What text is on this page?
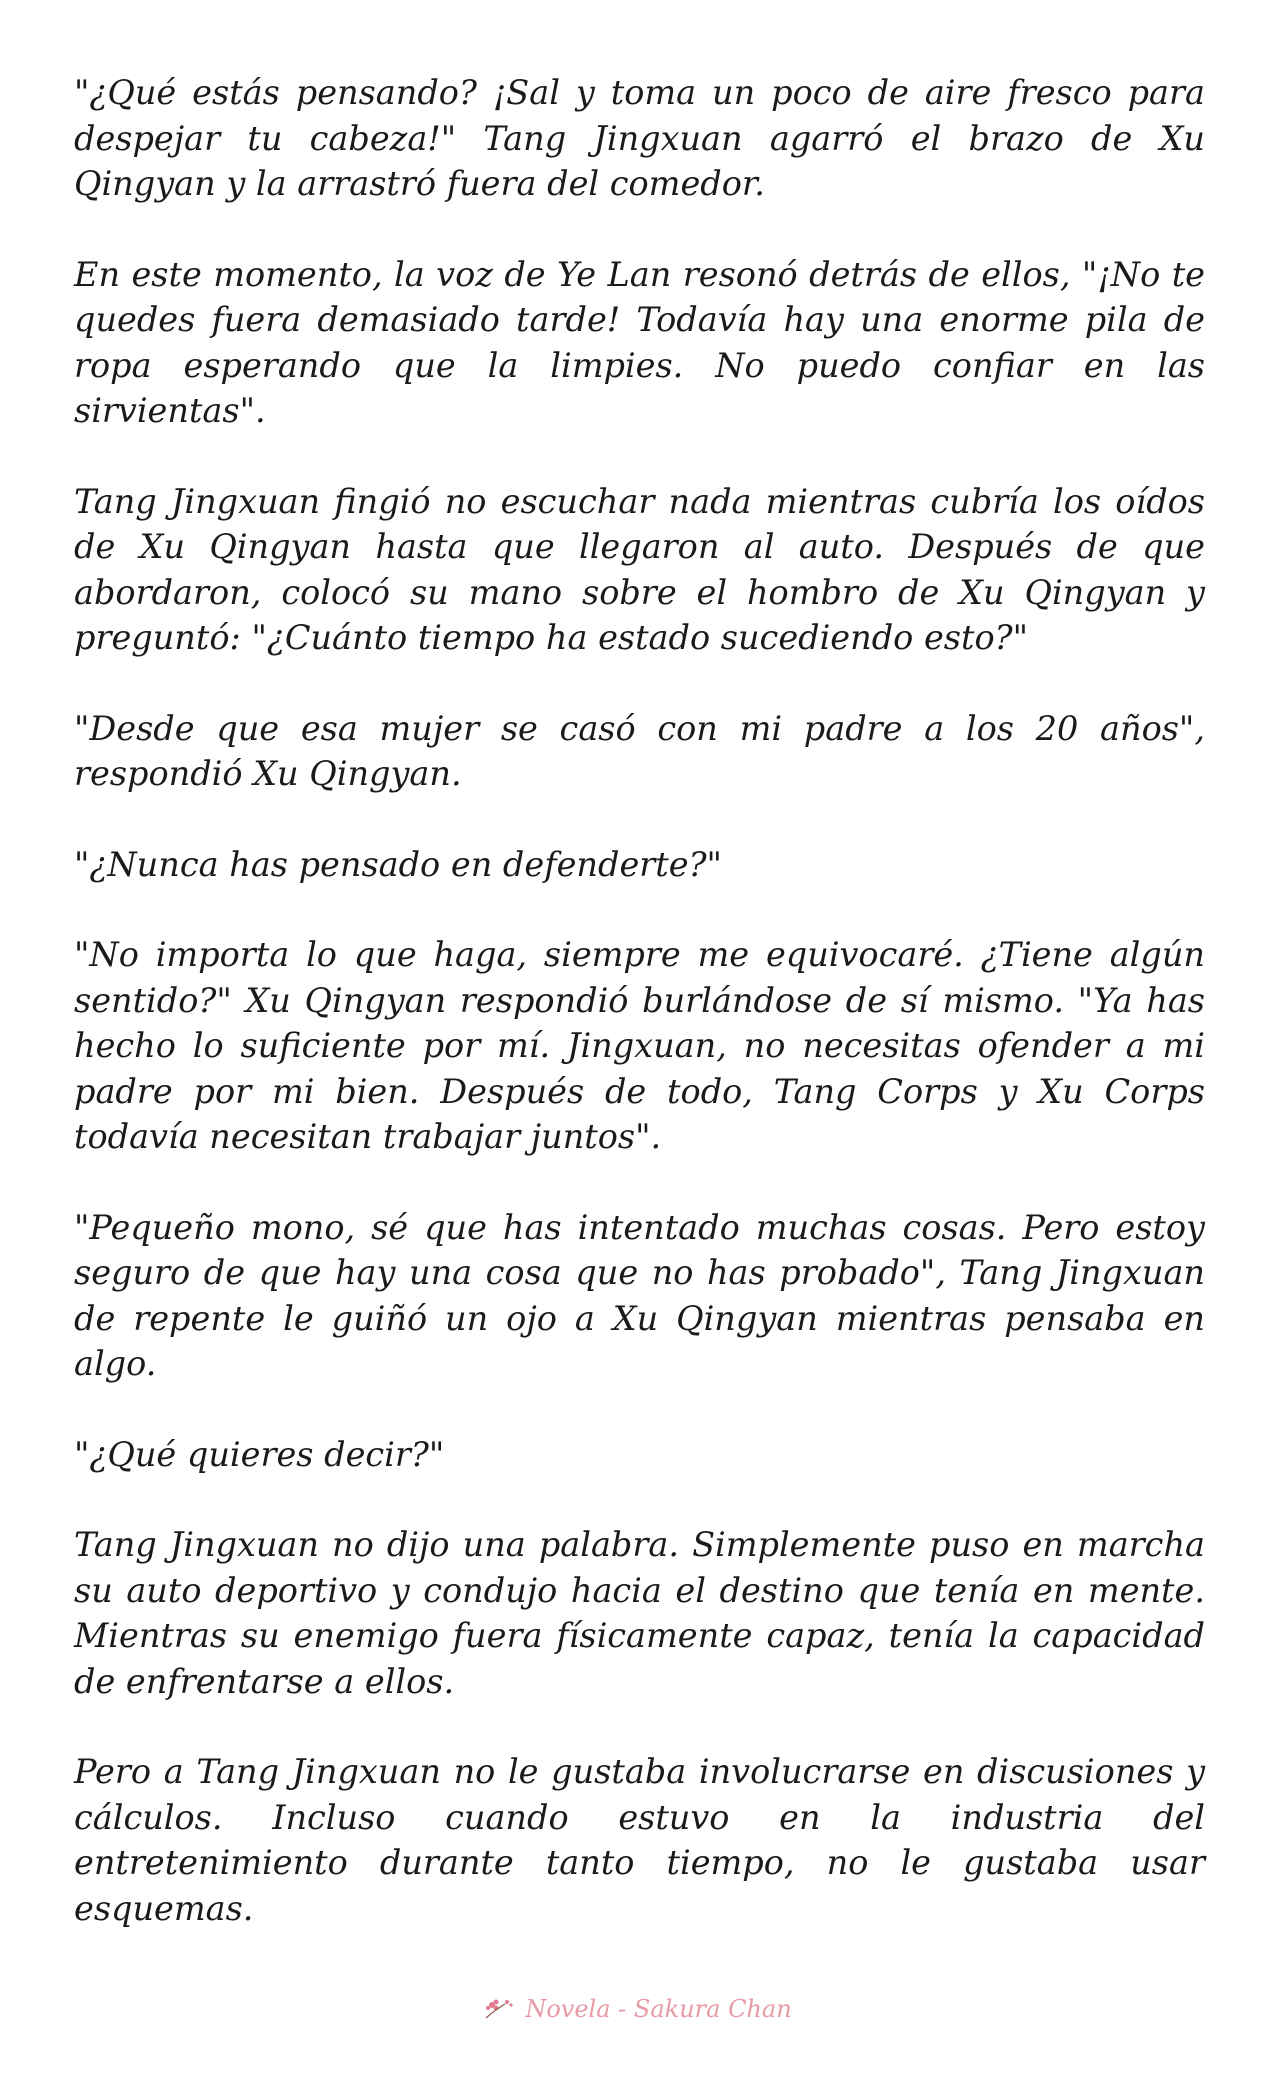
"¿Qué estás pensando? ¡Sal y toma un poco de aire fresco para despejar tu cabeza!" Tang Jingxuan agarró el brazo de Xu Qingyan y la arrastró fuera del comedor.

En este momento, la voz de Ye Lan resonó detrás de ellos, "¡No te quedes fuera demasiado tarde! Todavía hay una enorme pila de ropa esperando que la limpies. No puedo confiar en las sirvientas".

Tang Jingxuan fingió no escuchar nada mientras cubría los oídos de Xu Qingyan hasta que llegaron al auto. Después de que abordaron, colocó su mano sobre el hombro de Xu Qingyan y preguntó: "¿Cuánto tiempo ha estado sucediendo esto?"

"Desde que esa mujer se casó con mi padre a los 20 años", respondió Xu Qingyan.

"¿Nunca has pensado en defenderte?"

"No importa lo que haga, siempre me equivocaré. ¿Tiene algún sentido?" Xu Qingyan respondió burlándose de sí mismo. "Ya has hecho lo suficiente por mí. Jingxuan, no necesitas ofender a mi padre por mi bien. Después de todo, Tang Corps y Xu Corps todavía necesitan trabajar juntos".

"Pequeño mono, sé que has intentado muchas cosas. Pero estoy seguro de que hay una cosa que no has probado", Tang Jingxuan de repente le guiñó un ojo a Xu Qingyan mientras pensaba en algo.

"¿Qué quieres decir?"

Tang Jingxuan no dijo una palabra. Simplemente puso en marcha su auto deportivo y condujo hacia el destino que tenía en mente. Mientras su enemigo fuera físicamente capaz, tenía la capacidad de enfrentarse a ellos.

Pero a Tang Jingxuan no le gustaba involucrarse en discusiones y cálculos. Incluso cuando estuvo en la industria del entretenimiento durante tanto tiempo, no le gustaba usar esquemas.

Novela - Sakura Chan
